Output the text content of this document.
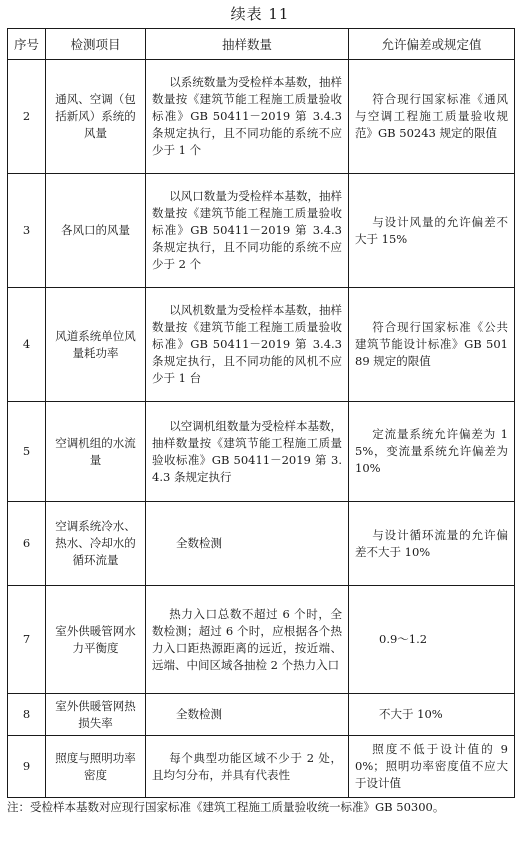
续表 11
序号	检测项目	抽样数量	允许偏差或规定值
2	通风、空调（包括新风）系统的风量	以系统数量为受检样本基数，抽样数量按《建筑节能工程施工质量验收标准》GB 50411－2019 第 3.4.3 条规定执行，且不同功能的系统不应少于 1 个	符合现行国家标准《通风与空调工程施工质量验收规范》GB 50243 规定的限值
3	各风口的风量	以风口数量为受检样本基数，抽样数量按《建筑节能工程施工质量验收标准》GB 50411－2019 第 3.4.3 条规定执行，且不同功能的系统不应少于 2 个	与设计风量的允许偏差不大于 15%
4	风道系统单位风量耗功率	以风机数量为受检样本基数，抽样数量按《建筑节能工程施工质量验收标准》GB 50411－2019 第 3.4.3 条规定执行，且不同功能的风机不应少于 1 台	符合现行国家标准《公共建筑节能设计标准》GB 50189 规定的限值
5	空调机组的水流量	以空调机组数量为受检样本基数，抽样数量按《建筑节能工程施工质量验收标准》GB 50411－2019 第 3.4.3 条规定执行	定流量系统允许偏差为 15%，变流量系统允许偏差为 10%
6	空调系统冷水、热水、冷却水的循环流量	全数检测	与设计循环流量的允许偏差不大于 10%
7	室外供暖管网水力平衡度	热力入口总数不超过 6 个时，全数检测；超过 6 个时，应根据各个热力入口距热源距离的远近，按近端、远端、中间区域各抽检 2 个热力入口	0.9～1.2
8	室外供暖管网热损失率	全数检测	不大于 10%
9	照度与照明功率密度	每个典型功能区域不少于 2 处，且均匀分布，并具有代表性	照度不低于设计值的 90%；照明功率密度值不应大于设计值
注：受检样本基数对应现行国家标准《建筑工程施工质量验收统一标准》GB 50300。
